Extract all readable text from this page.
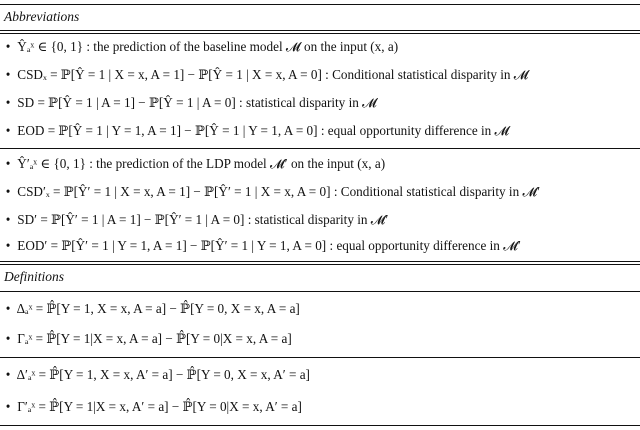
Abbreviations
• Ŷₐˣ ∈ {0, 1} : the prediction of the baseline model 𝓜 on the input (x, a)
• CSDₓ = ℙ[Ŷ = 1 | X = x, A = 1] − ℙ[Ŷ = 1 | X = x, A = 0] : Conditional statistical disparity in 𝓜
• SD = ℙ[Ŷ = 1 | A = 1] − ℙ[Ŷ = 1 | A = 0] : statistical disparity in 𝓜
• EOD = ℙ[Ŷ = 1 | Y = 1, A = 1] − ℙ[Ŷ = 1 | Y = 1, A = 0] : equal opportunity difference in 𝓜
• Ŷ′ₐˣ ∈ {0, 1} : the prediction of the LDP model 𝓜′ on the input (x, a)
• CSD′ₓ = ℙ[Ŷ′ = 1 | X = x, A = 1] − ℙ[Ŷ′ = 1 | X = x, A = 0] : Conditional statistical disparity in 𝓜′
• SD′ = ℙ[Ŷ′ = 1 | A = 1] − ℙ[Ŷ′ = 1 | A = 0] : statistical disparity in 𝓜′
• EOD′ = ℙ[Ŷ′ = 1 | Y = 1, A = 1] − ℙ[Ŷ′ = 1 | Y = 1, A = 0] : equal opportunity difference in 𝓜′
Definitions
• Δₐˣ = ℙ̂[Y = 1, X = x, A = a] − ℙ̂[Y = 0, X = x, A = a]
• Γₐˣ = ℙ̂[Y = 1|X = x, A = a] − ℙ̂[Y = 0|X = x, A = a]
• Δ′ₐˣ = ℙ̂[Y = 1, X = x, A′ = a] − ℙ̂[Y = 0, X = x, A′ = a]
• Γ′ₐˣ = ℙ̂[Y = 1|X = x, A′ = a] − ℙ̂[Y = 0|X = x, A′ = a]
